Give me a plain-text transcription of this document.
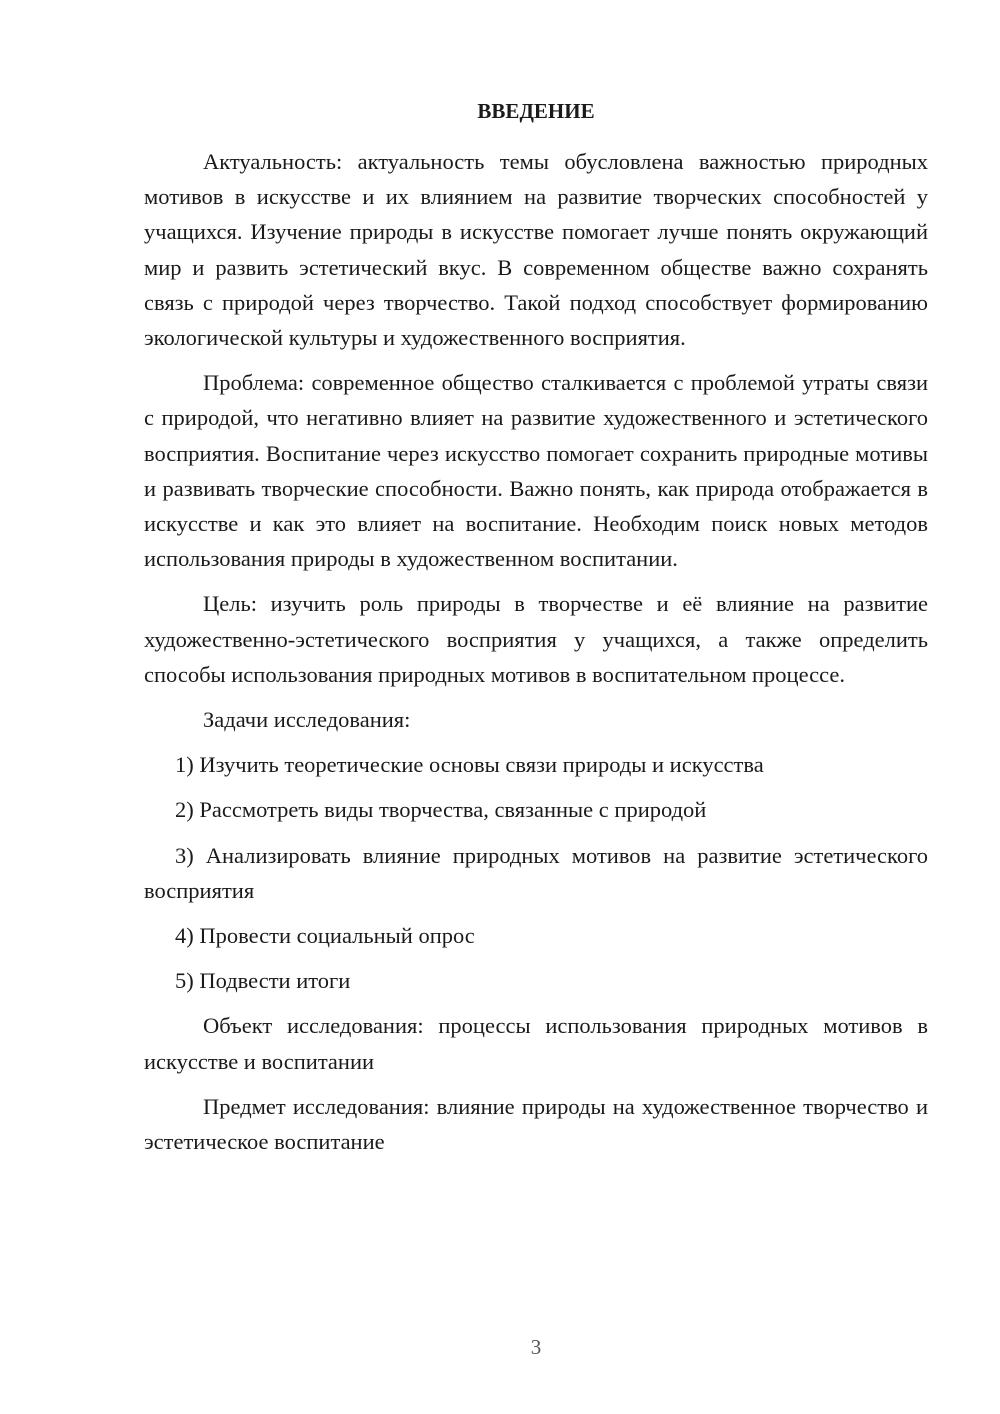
ВВЕДЕНИЕ

Актуальность: актуальность темы обусловлена важностью природных мотивов в искусстве и их влиянием на развитие творческих способностей у учащихся. Изучение природы в искусстве помогает лучше понять окружающий мир и развить эстетический вкус. В современном обществе важно сохранять связь с природой через творчество. Такой подход способствует формированию экологической культуры и художественного восприятия.

Проблема: современное общество сталкивается с проблемой утраты связи с природой, что негативно влияет на развитие художественного и эстетического восприятия. Воспитание через искусство помогает сохранить природные мотивы и развивать творческие способности. Важно понять, как природа отображается в искусстве и как это влияет на воспитание. Необходим поиск новых методов использования природы в художественном воспитании.

Цель: изучить роль природы в творчестве и её влияние на развитие художественно-эстетического восприятия у учащихся, а также определить способы использования природных мотивов в воспитательном процессе.

Задачи исследования:

1) Изучить теоретические основы связи природы и искусства

2) Рассмотреть виды творчества, связанные с природой

3) Анализировать влияние природных мотивов на развитие эстетического восприятия

4) Провести социальный опрос

5) Подвести итоги

Объект исследования: процессы использования природных мотивов в искусстве и воспитании

Предмет исследования: влияние природы на художественное творчество и эстетическое воспитание

3
